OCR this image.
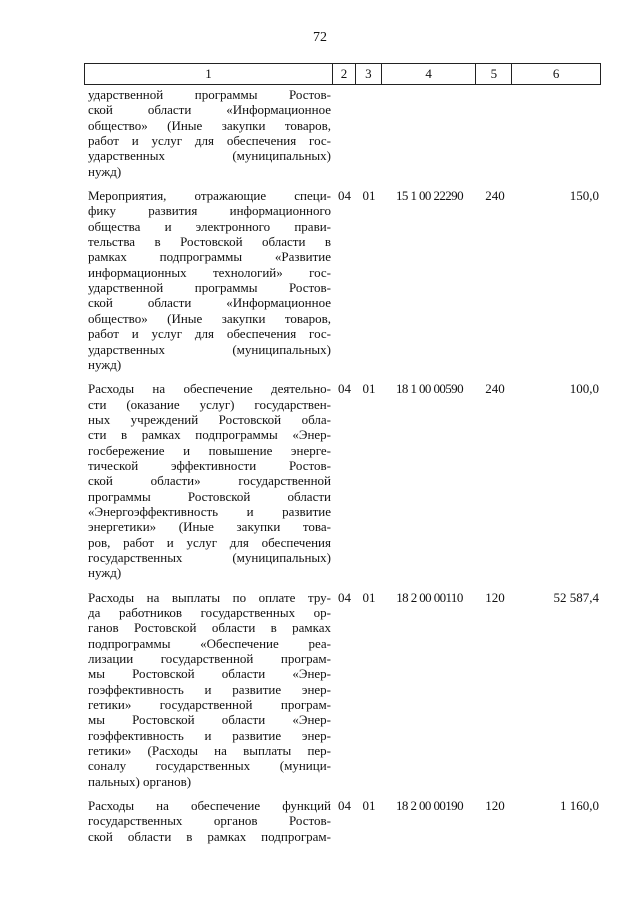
72
1	2	3	4	5	6
ударственной программы Ростов-
ской области «Информационное
общество» (Иные закупки товаров,
работ и услуг для обеспечения гос-
ударственных (муниципальных)
нужд)
Мероприятия, отражающие специ-
фику развития информационного
общества и электронного прави-
тельства в Ростовской области в
рамках подпрограммы «Развитие
информационных технологий» гос-
ударственной программы Ростов-
ской области «Информационное
общество» (Иные закупки товаров,
работ и услуг для обеспечения гос-
ударственных (муниципальных)
нужд)
04 01	15 1 00 22290	240	150,0
Расходы на обеспечение деятельно-
сти (оказание услуг) государствен-
ных учреждений Ростовской обла-
сти в рамках подпрограммы «Энер-
госбережение и повышение энерге-
тической эффективности Ростов-
ской области» государственной
программы Ростовской области
«Энергоэффективность и развитие
энергетики» (Иные закупки това-
ров, работ и услуг для обеспечения
государственных (муниципальных)
нужд)
04 01	18 1 00 00590	240	100,0
Расходы на выплаты по оплате тру-
да работников государственных ор-
ганов Ростовской области в рамках
подпрограммы «Обеспечение реа-
лизации государственной програм-
мы Ростовской области «Энер-
гоэффективность и развитие энер-
гетики» государственной програм-
мы Ростовской области «Энер-
гоэффективность и развитие энер-
гетики» (Расходы на выплаты пер-
соналу государственных (муници-
пальных) органов)
04 01	18 2 00 00110	120	52 587,4
Расходы на обеспечение функций
государственных органов Ростов-
ской области в рамках подпрограм-
04 01	18 2 00 00190	120	1 160,0
